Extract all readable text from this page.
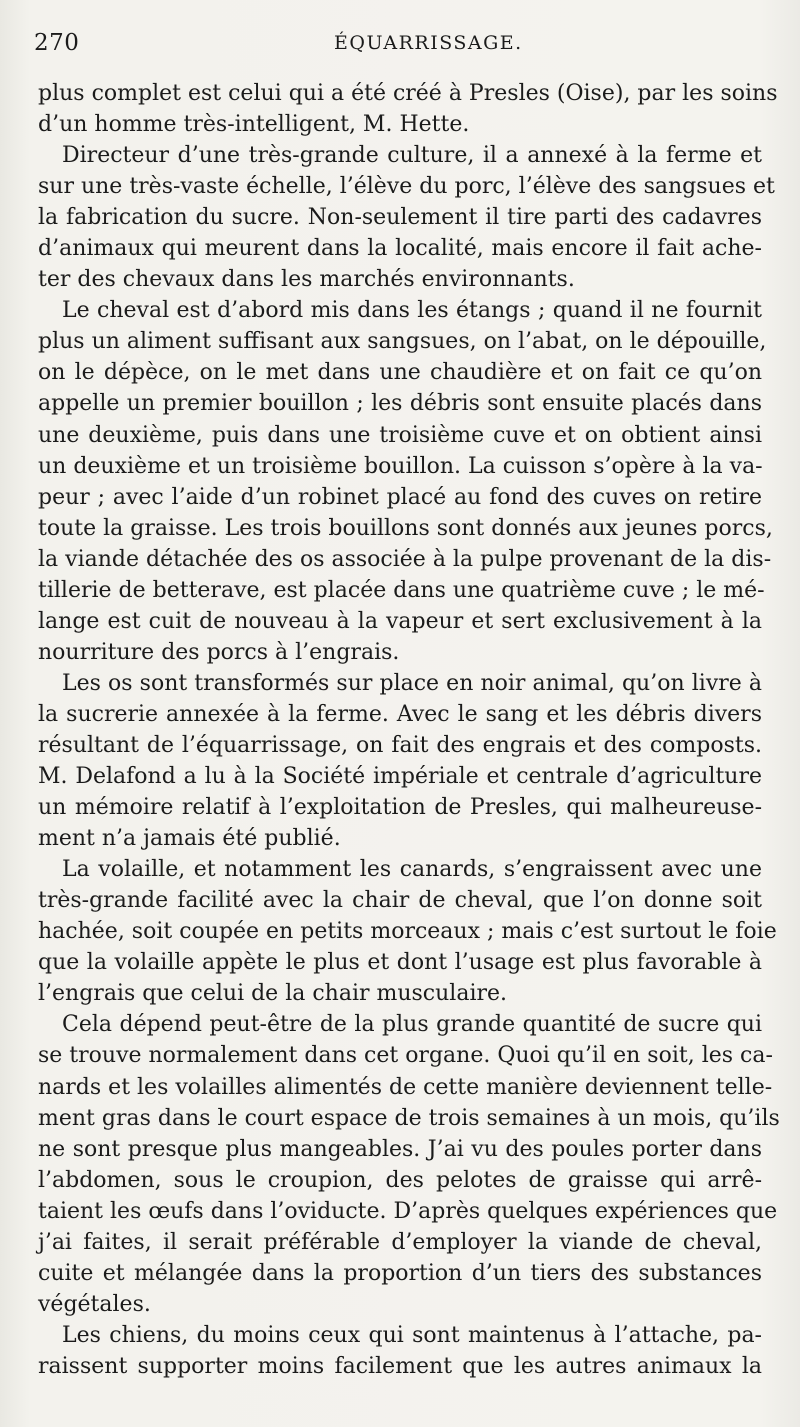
270	ÉQUARRISSAGE.
plus complet est celui qui a été créé à Presles (Oise), par les soins
d’un homme très-intelligent, M. Hette.
Directeur d’une très-grande culture, il a annexé à la ferme et
sur une très-vaste échelle, l’élève du porc, l’élève des sangsues et
la fabrication du sucre. Non-seulement il tire parti des cadavres
d’animaux qui meurent dans la localité, mais encore il fait ache-
ter des chevaux dans les marchés environnants.
Le cheval est d’abord mis dans les étangs ; quand il ne fournit
plus un aliment suffisant aux sangsues, on l’abat, on le dépouille,
on le dépèce, on le met dans une chaudière et on fait ce qu’on
appelle un premier bouillon ; les débris sont ensuite placés dans
une deuxième, puis dans une troisième cuve et on obtient ainsi
un deuxième et un troisième bouillon. La cuisson s’opère à la va-
peur ; avec l’aide d’un robinet placé au fond des cuves on retire
toute la graisse. Les trois bouillons sont donnés aux jeunes porcs,
la viande détachée des os associée à la pulpe provenant de la dis-
tillerie de betterave, est placée dans une quatrième cuve ; le mé-
lange est cuit de nouveau à la vapeur et sert exclusivement à la
nourriture des porcs à l’engrais.
Les os sont transformés sur place en noir animal, qu’on livre à
la sucrerie annexée à la ferme. Avec le sang et les débris divers
résultant de l’équarrissage, on fait des engrais et des composts.
M. Delafond a lu à la Société impériale et centrale d’agriculture
un mémoire relatif à l’exploitation de Presles, qui malheureuse-
ment n’a jamais été publié.
La volaille, et notamment les canards, s’engraissent avec une
très-grande facilité avec la chair de cheval, que l’on donne soit
hachée, soit coupée en petits morceaux ; mais c’est surtout le foie
que la volaille appète le plus et dont l’usage est plus favorable à
l’engrais que celui de la chair musculaire.
Cela dépend peut-être de la plus grande quantité de sucre qui
se trouve normalement dans cet organe. Quoi qu’il en soit, les ca-
nards et les volailles alimentés de cette manière deviennent telle-
ment gras dans le court espace de trois semaines à un mois, qu’ils
ne sont presque plus mangeables. J’ai vu des poules porter dans
l’abdomen, sous le croupion, des pelotes de graisse qui arrê-
taient les œufs dans l’oviducte. D’après quelques expériences que
j’ai faites, il serait préférable d’employer la viande de cheval,
cuite et mélangée dans la proportion d’un tiers des substances
végétales.
Les chiens, du moins ceux qui sont maintenus à l’attache, pa-
raissent supporter moins facilement que les autres animaux la
